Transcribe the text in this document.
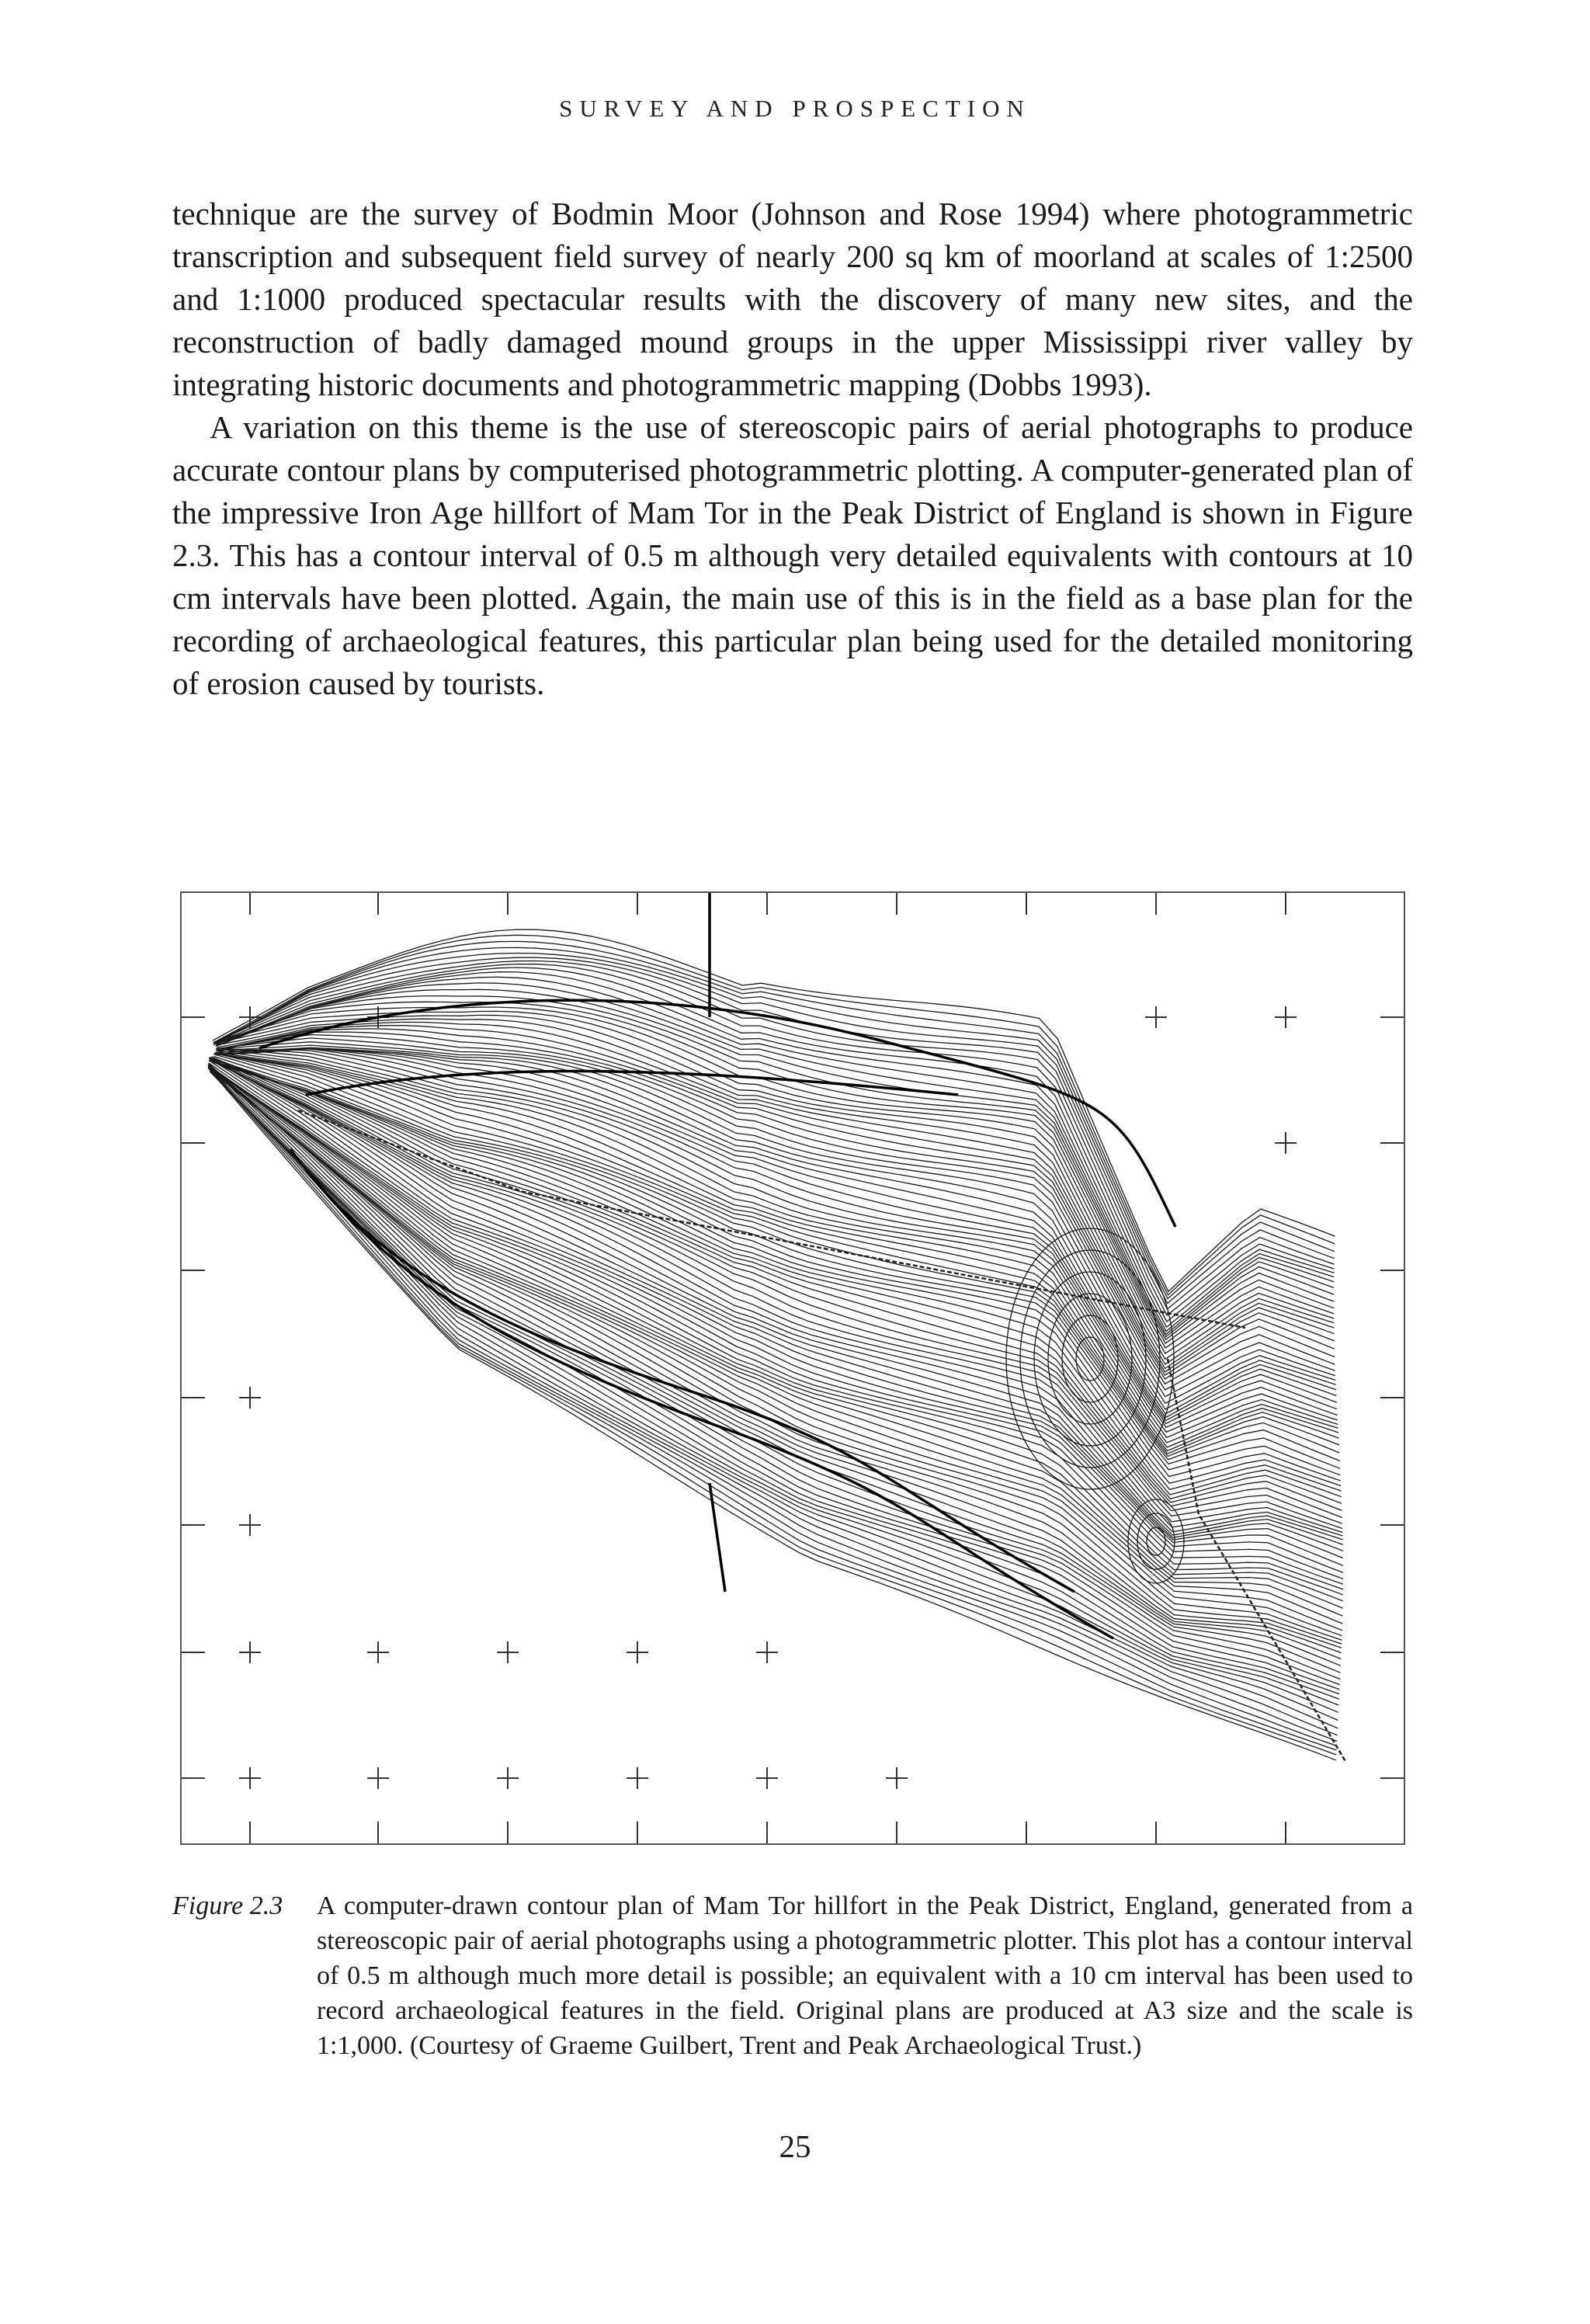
SURVEY AND PROSPECTION

technique are the survey of Bodmin Moor (Johnson and Rose 1994) where photogrammetric transcription and subsequent field survey of nearly 200 sq km of moorland at scales of 1:2500 and 1:1000 produced spectacular results with the discovery of many new sites, and the reconstruction of badly damaged mound groups in the upper Mississippi river valley by integrating historic documents and photogrammetric mapping (Dobbs 1993).

A variation on this theme is the use of stereoscopic pairs of aerial photographs to produce accurate contour plans by computerised photogrammetric plotting. A computer-generated plan of the impressive Iron Age hillfort of Mam Tor in the Peak District of England is shown in Figure 2.3. This has a contour interval of 0.5 m although very detailed equivalents with contours at 10 cm intervals have been plotted. Again, the main use of this is in the field as a base plan for the recording of archaeological features, this particular plan being used for the detailed monitoring of erosion caused by tourists.

Figure 2.3 A computer-drawn contour plan of Mam Tor hillfort in the Peak District, England, generated from a stereoscopic pair of aerial photographs using a photogrammetric plotter. This plot has a contour interval of 0.5 m although much more detail is possible; an equivalent with a 10 cm interval has been used to record archaeological features in the field. Original plans are produced at A3 size and the scale is 1:1,000. (Courtesy of Graeme Guilbert, Trent and Peak Archaeological Trust.)
25
